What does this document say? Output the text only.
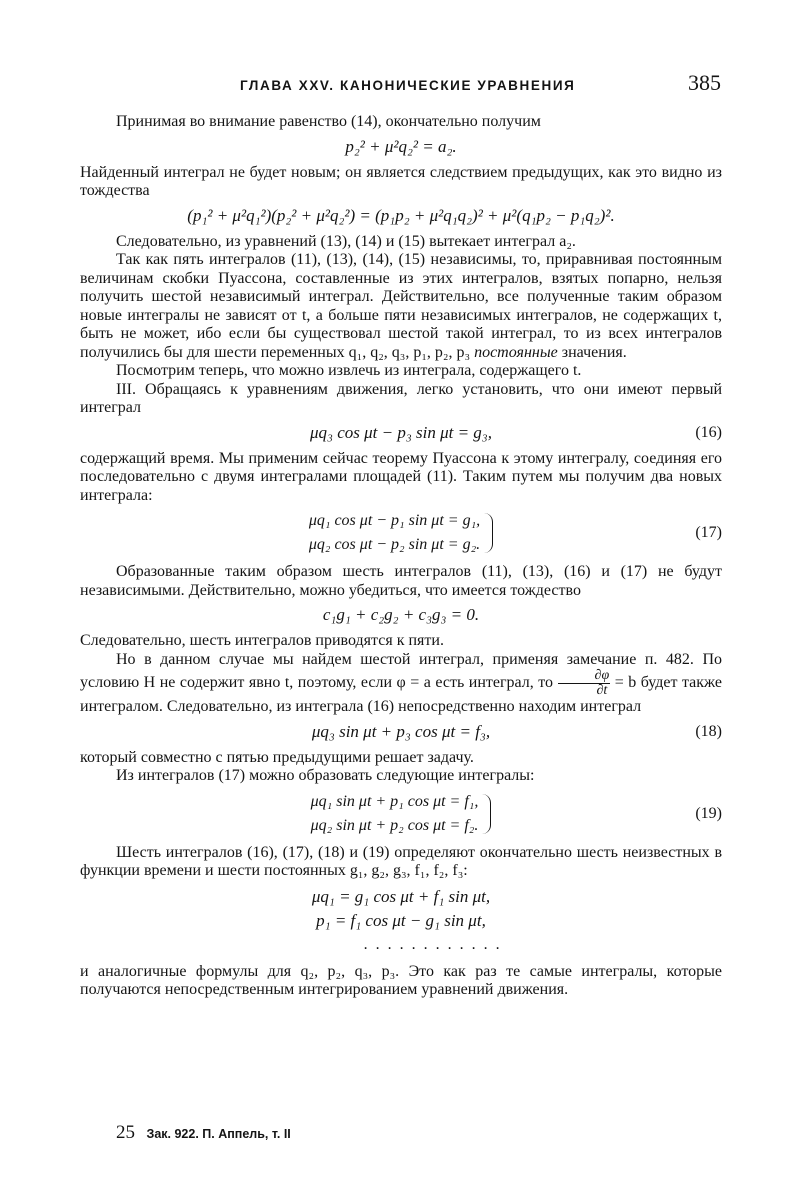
ГЛАВА XXV. КАНОНИЧЕСКИЕ УРАВНЕНИЯ	385

Принимая во внимание равенство (14), окончательно получим

p₂² + μ²q₂² = a₂.

Найденный интеграл не будет новым; он является следствием предыдущих, как это видно из тождества

(p₁² + μ²q₁²)(p₂² + μ²q₂²) = (p₁p₂ + μ²q₁q₂)² + μ²(q₁p₂ − p₁q₂)².

Следовательно, из уравнений (13), (14) и (15) вытекает интеграл a₂.

Так как пять интегралов (11), (13), (14), (15) независимы, то, приравнивая постоянным величинам скобки Пуассона, составленные из этих интегралов, взятых попарно, нельзя получить шестой независимый интеграл. Действительно, все полученные таким образом новые интегралы не зависят от t, а больше пяти независимых интегралов, не содержащих t, быть не может, ибо если бы существовал шестой такой интеграл, то из всех интегралов получились бы для шести переменных q₁, q₂, q₃, p₁, p₂, p₃ постоянные значения.

Посмотрим теперь, что можно извлечь из интеграла, содержащего t.

III. Обращаясь к уравнениям движения, легко установить, что они имеют первый интеграл

μq₃ cos μt − p₃ sin μt = g₃,	(16)

содержащий время. Мы применим сейчас теорему Пуассона к этому интегралу, соединяя его последовательно с двумя интегралами площадей (11). Таким путем мы получим два новых интеграла:

μq₁ cos μt − p₁ sin μt = g₁,
μq₂ cos μt − p₂ sin μt = g₂.
(17)

Образованные таким образом шесть интегралов (11), (13), (16) и (17) не будут независимыми. Действительно, можно убедиться, что имеется тождество

c₁g₁ + c₂g₂ + c₃g₃ = 0.

Следовательно, шесть интегралов приводятся к пяти.

Но в данном случае мы найдем шестой интеграл, применяя замечание п. 482. По условию H не содержит явно t, поэтому, если φ = a есть интеграл, то $\frac{\partial\varphi}{\partial t} = b$ будет также интегралом. Следовательно, из интеграла (16) непосредственно находим интеграл

μq₃ sin μt + p₃ cos μt = f₃,	(18)

который совместно с пятью предыдущими решает задачу.

Из интегралов (17) можно образовать следующие интегралы:

μq₁ sin μt + p₁ cos μt = f₁,
μq₂ sin μt + p₂ cos μt = f₂.
(19)

Шесть интегралов (16), (17), (18) и (19) определяют окончательно шесть неизвестных в функции времени и шести постоянных g₁, g₂, g₃, f₁, f₂, f₃:

μq₁ = g₁ cos μt + f₁ sin μt,
p₁ = f₁ cos μt − g₁ sin μt,
............

и аналогичные формулы для q₂, p₂, q₃, p₃. Это как раз те самые интегралы, которые получаются непосредственным интегрированием уравнений движения.

25 Зак. 922. П. Аппель, т. II
